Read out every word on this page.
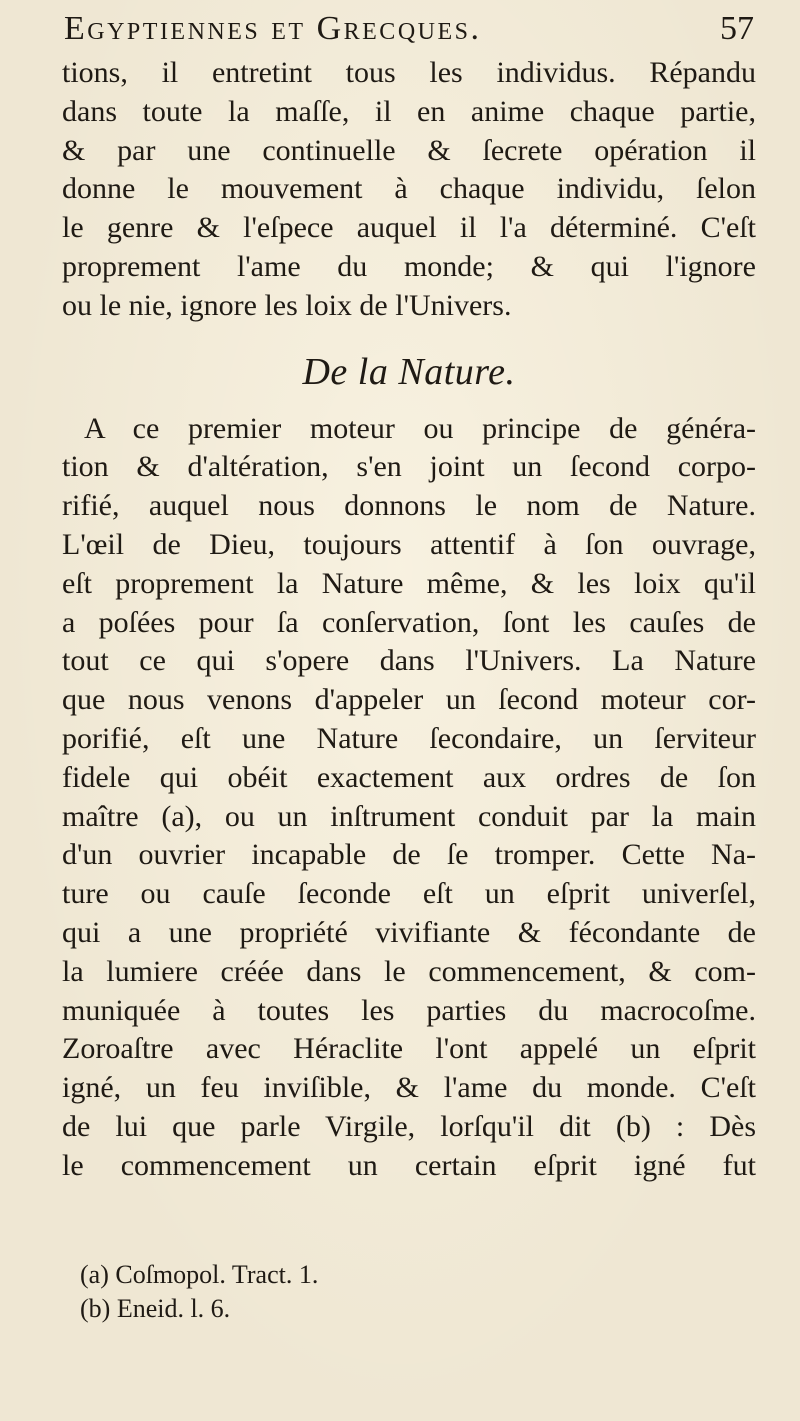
Egyptiennes et Grecques.	57
tions, il entretint tous les individus. Répandu
dans toute la maſſe, il en anime chaque partie,
& par une continuelle & ſecrete opération il
donne le mouvement à chaque individu, ſelon
le genre & l'eſpece auquel il l'a déterminé. C'eſt
proprement l'ame du monde; & qui l'ignore
ou le nie, ignore les loix de l'Univers.
De la Nature.
A ce premier moteur ou principe de généra-
tion & d'altération, s'en joint un ſecond corpo-
rifié, auquel nous donnons le nom de Nature.
L'œil de Dieu, toujours attentif à ſon ouvrage,
eſt proprement la Nature même, & les loix qu'il
a poſées pour ſa conſervation, ſont les cauſes de
tout ce qui s'opere dans l'Univers. La Nature
que nous venons d'appeler un ſecond moteur cor-
porifié, eſt une Nature ſecondaire, un ſerviteur
fidele qui obéit exactement aux ordres de ſon
maître (a), ou un inſtrument conduit par la main
d'un ouvrier incapable de ſe tromper. Cette Na-
ture ou cauſe ſeconde eſt un eſprit univerſel,
qui a une propriété vivifiante & fécondante de
la lumiere créée dans le commencement, & com-
muniquée à toutes les parties du macrocoſme.
Zoroaſtre avec Héraclite l'ont appelé un eſprit
igné, un feu inviſible, & l'ame du monde. C'eſt
de lui que parle Virgile, lorſqu'il dit (b) : Dès
le commencement un certain eſprit igné fut
(a) Coſmopol. Tract. 1.
(b) Eneid. l. 6.
